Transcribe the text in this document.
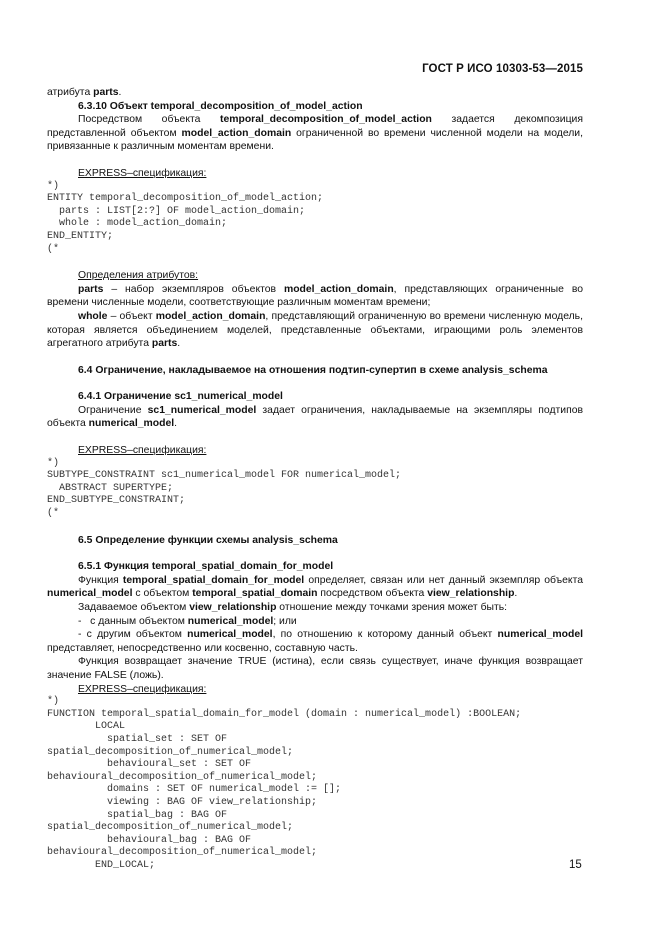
ГОСТ Р ИСО 10303-53—2015

атрибута parts.

6.3.10 Объект temporal_decomposition_of_model_action

Посредством объекта temporal_decomposition_of_model_action задается декомпозиция представленной объектом model_action_domain ограниченной во времени численной модели на модели, привязанные к различным моментам времени.

EXPRESS–спецификация:

*)
ENTITY temporal_decomposition_of_model_action;
parts : LIST[2:?] OF model_action_domain;
whole : model_action_domain;
END_ENTITY;
(*

Определения атрибутов:

parts – набор экземпляров объектов model_action_domain, представляющих ограниченные во времени численные модели, соответствующие различным моментам времени;

whole – объект model_action_domain, представляющий ограниченную во времени численную модель, которая является объединением моделей, представленные объектами, играющими роль элементов агрегатного атрибута parts.

6.4 Ограничение, накладываемое на отношения подтип-супертип в схеме analysis_schema

6.4.1 Ограничение sc1_numerical_model

Ограничение sc1_numerical_model задает ограничения, накладываемые на экземпляры подтипов объекта numerical_model.

EXPRESS–спецификация:

*)
SUBTYPE_CONSTRAINT sc1_numerical_model FOR numerical_model;
ABSTRACT SUPERTYPE;
END_SUBTYPE_CONSTRAINT;
(*

6.5 Определение функции схемы analysis_schema

6.5.1 Функция temporal_spatial_domain_for_model

Функция temporal_spatial_domain_for_model определяет, связан или нет данный экземпляр объекта numerical_model с объектом temporal_spatial_domain посредством объекта view_relationship.

Задаваемое объектом view_relationship отношение между точками зрения может быть:

-   с данным объектом numerical_model; или

- с другим объектом numerical_model, по отношению к которому данный объект numerical_model представляет, непосредственно или косвенно, составную часть.

Функция возвращает значение TRUE (истина), если связь существует, иначе функция возвращает значение FALSE (ложь).

EXPRESS–спецификация:

*)
FUNCTION temporal_spatial_domain_for_model (domain : numerical_model) :BOOLEAN;
LOCAL
spatial_set : SET OF
spatial_decomposition_of_numerical_model;
behavioural_set : SET OF
behavioural_decomposition_of_numerical_model;
domains : SET OF numerical_model := [];
viewing : BAG OF view_relationship;
spatial_bag : BAG OF
spatial_decomposition_of_numerical_model;
behavioural_bag : BAG OF
behavioural_decomposition_of_numerical_model;
END_LOCAL;	15
